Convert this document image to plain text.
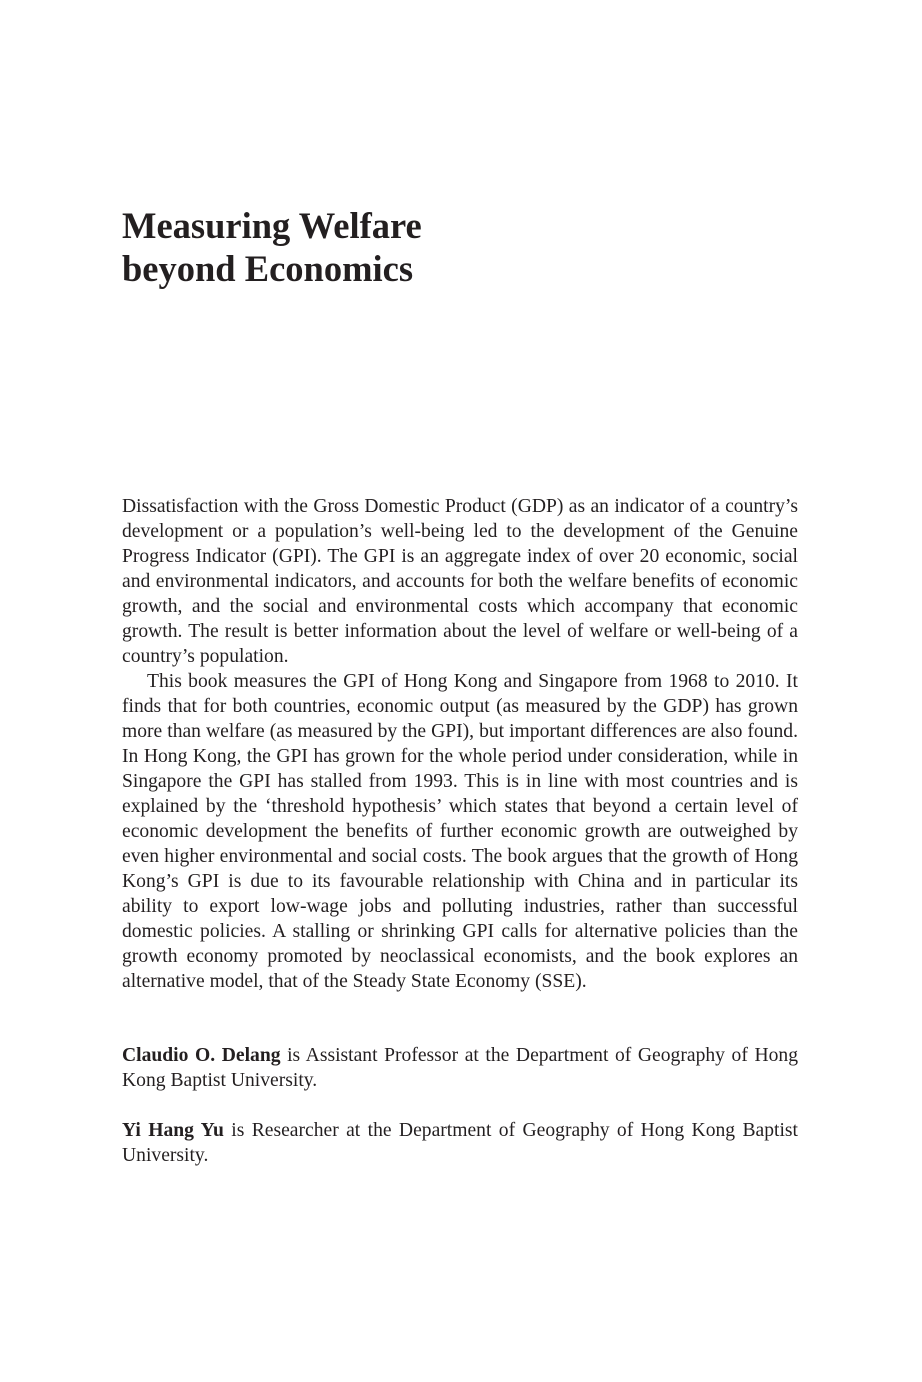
Measuring Welfare
beyond Economics

Dissatisfaction with the Gross Domestic Product (GDP) as an indicator of a country’s development or a population’s well-being led to the development of the Genuine Progress Indicator (GPI). The GPI is an aggregate index of over 20 economic, social and environmental indicators, and accounts for both the welfare benefits of economic growth, and the social and environmental costs which accompany that economic growth. The result is better information about the level of welfare or well-being of a country’s population.

This book measures the GPI of Hong Kong and Singapore from 1968 to 2010. It finds that for both countries, economic output (as measured by the GDP) has grown more than welfare (as measured by the GPI), but important differences are also found. In Hong Kong, the GPI has grown for the whole period under consideration, while in Singapore the GPI has stalled from 1993. This is in line with most countries and is explained by the ‘threshold hypothesis’ which states that beyond a certain level of economic development the benefits of further economic growth are outweighed by even higher environmental and social costs. The book argues that the growth of Hong Kong’s GPI is due to its favourable relationship with China and in particular its ability to export low-wage jobs and polluting industries, rather than successful domestic policies. A stalling or shrinking GPI calls for alternative policies than the growth economy promoted by neoclassical economists, and the book explores an alternative model, that of the Steady State Economy (SSE).

Claudio O. Delang is Assistant Professor at the Department of Geography of Hong Kong Baptist University.

Yi Hang Yu is Researcher at the Department of Geography of Hong Kong Baptist University.
